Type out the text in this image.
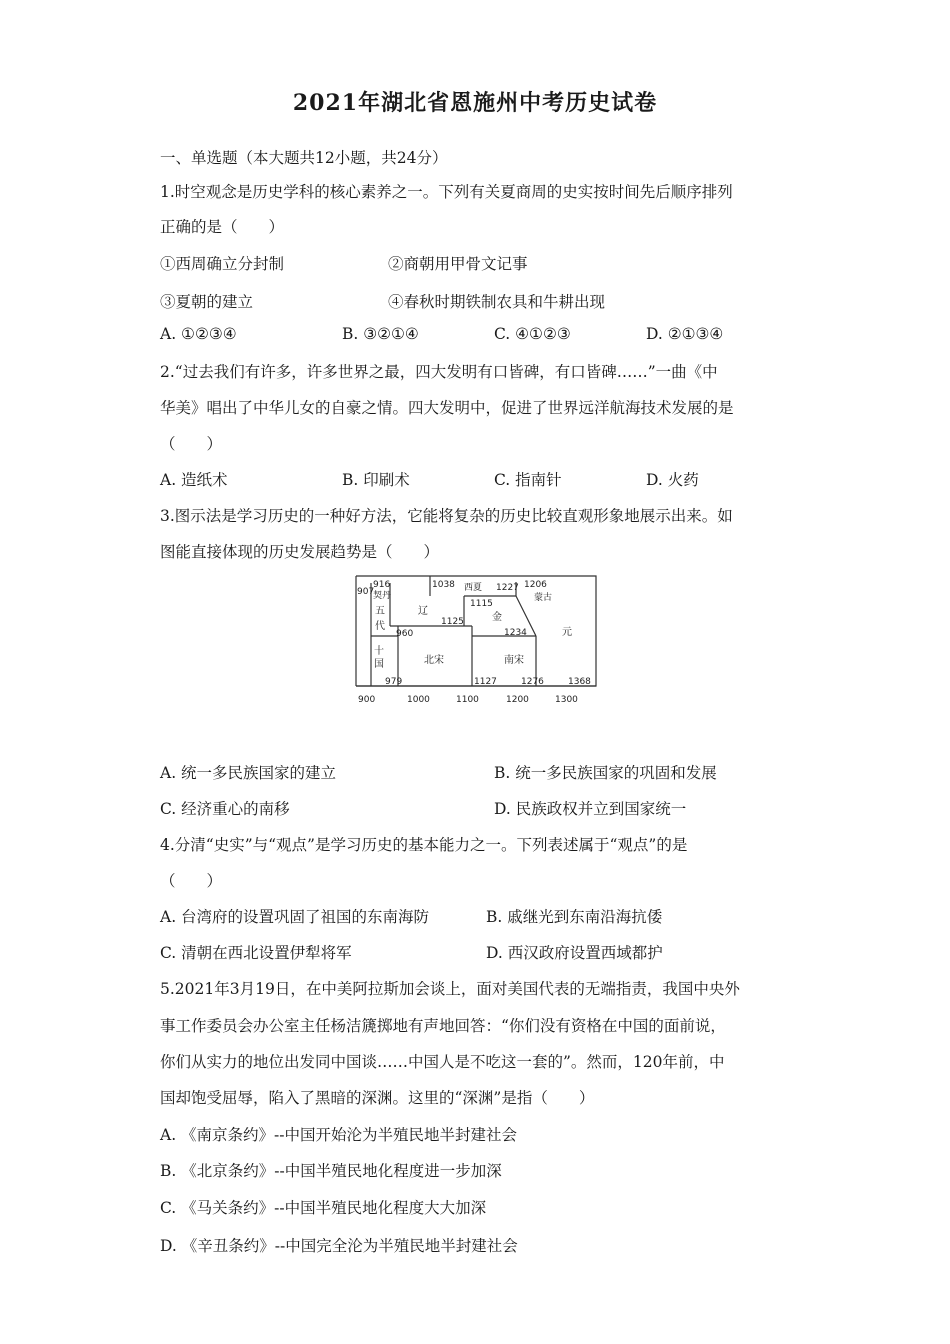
2021年湖北省恩施州中考历史试卷
一、单选题（本大题共12小题，共24分）
1.时空观念是历史学科的核心素养之一。下列有关夏商周的史实按时间先后顺序排列
正确的是（　　）
①西周确立分封制	②商朝用甲骨文记事
③夏朝的建立	④春秋时期铁制农具和牛耕出现
A. ①②③④	B. ③②①④	C. ④①②③	D. ②①③④
2.“过去我们有许多，许多世界之最，四大发明有口皆碑，有口皆碑……”一曲《中
华美》唱出了中华儿女的自豪之情。四大发明中，促进了世界远洋航海技术发展的是
（　　）
A. 造纸术	B. 印刷术	C. 指南针	D. 火药
3.图示法是学习历史的一种好方法，它能将复杂的历史比较直观形象地展示出来。如
图能直接体现的历史发展趋势是（　　）
907
916
契丹
1038 西夏 1227 1206
蒙古
五
代
辽
1115
金
1125
1234	元
960
十
国	北宋	南宋
979	1127	1276	1368
900	1000	1100	1200	1300
A. 统一多民族国家的建立	B. 统一多民族国家的巩固和发展
C. 经济重心的南移	D. 民族政权并立到国家统一
4.分清“史实”与“观点”是学习历史的基本能力之一。下列表述属于“观点”的是
（　　）
A. 台湾府的设置巩固了祖国的东南海防	B. 戚继光到东南沿海抗倭
C. 清朝在西北设置伊犁将军	D. 西汉政府设置西域都护
5.2021年3月19日，在中美阿拉斯加会谈上，面对美国代表的无端指责，我国中央外
事工作委员会办公室主任杨洁篪掷地有声地回答：“你们没有资格在中国的面前说，
你们从实力的地位出发同中国谈……中国人是不吃这一套的”。然而，120年前，中
国却饱受屈辱，陷入了黑暗的深渊。这里的“深渊”是指（　　）
A. 《南京条约》--中国开始沦为半殖民地半封建社会
B. 《北京条约》--中国半殖民地化程度进一步加深
C. 《马关条约》--中国半殖民地化程度大大加深
D. 《辛丑条约》--中国完全沦为半殖民地半封建社会
